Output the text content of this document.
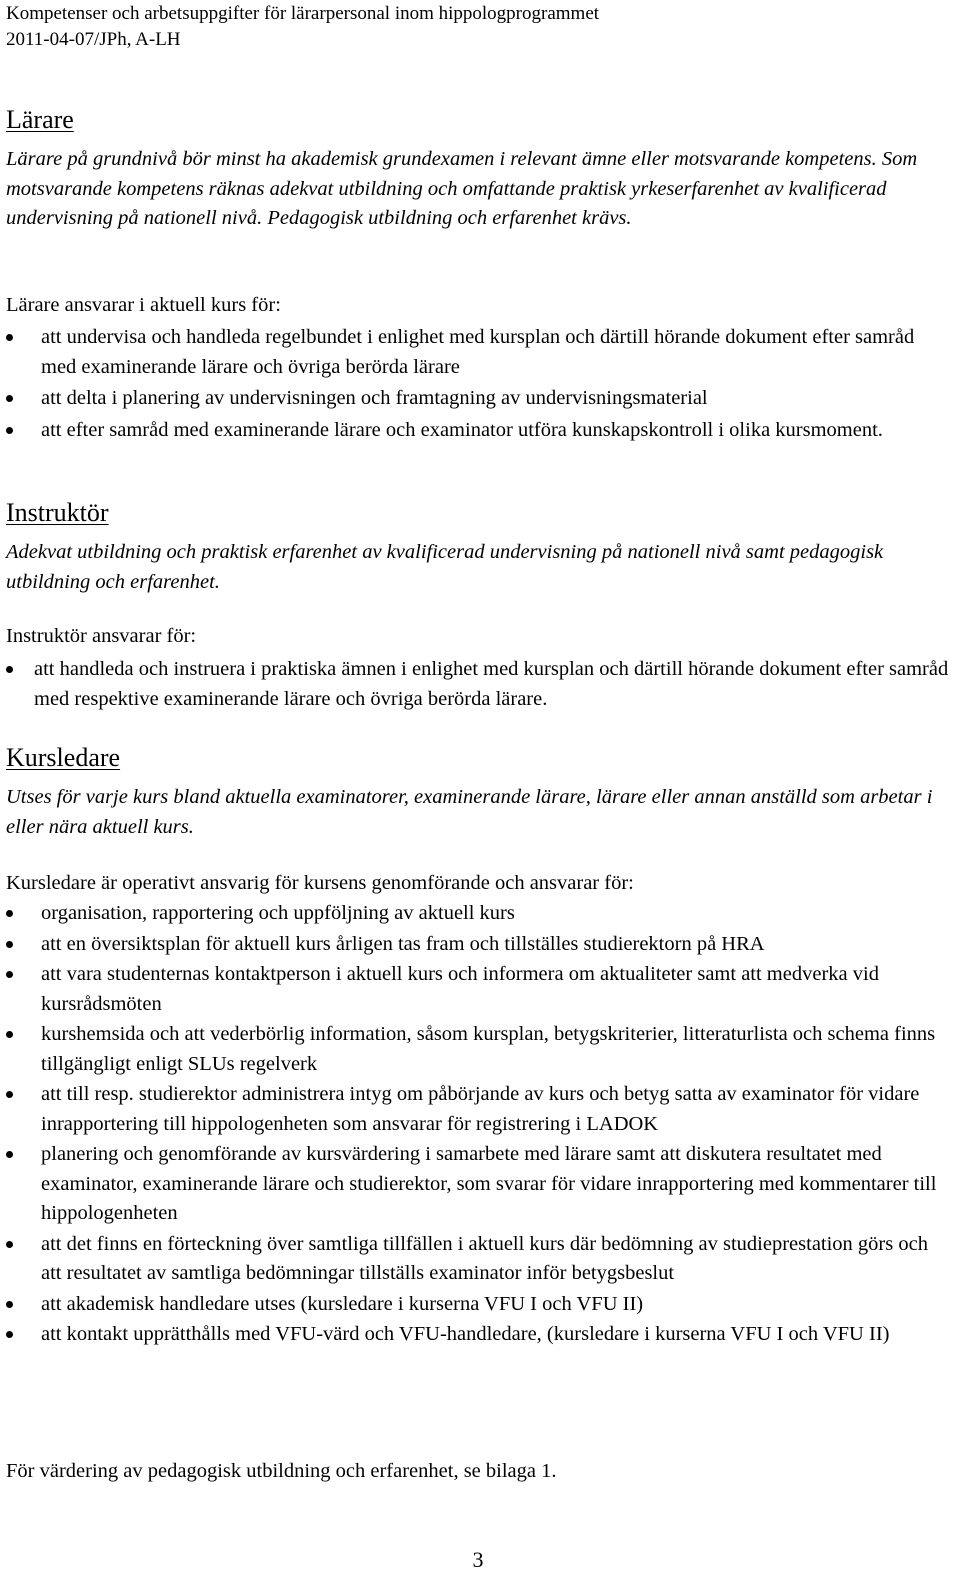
Kompetenser och arbetsuppgifter för lärarpersonal inom hippologprogrammet
2011-04-07/JPh, A-LH
Lärare
Lärare på grundnivå bör minst ha akademisk grundexamen i relevant ämne eller motsvarande kompetens. Som motsvarande kompetens räknas adekvat utbildning och omfattande praktisk yrkeserfarenhet av kvalificerad undervisning på nationell nivå. Pedagogisk utbildning och erfarenhet krävs.
Lärare ansvarar i aktuell kurs för:
att undervisa och handleda regelbundet i enlighet med kursplan och därtill hörande dokument efter samråd med examinerande lärare och övriga berörda lärare
att delta i planering av undervisningen och framtagning av undervisningsmaterial
att efter samråd med examinerande lärare och examinator utföra kunskapskontroll i olika kursmoment.
Instruktör
Adekvat utbildning och praktisk erfarenhet av kvalificerad undervisning på nationell nivå samt pedagogisk utbildning och erfarenhet.
Instruktör ansvarar för:
att handleda och instruera i praktiska ämnen i enlighet med kursplan och därtill hörande dokument efter samråd med respektive examinerande lärare och övriga berörda lärare.
Kursledare
Utses för varje kurs bland aktuella examinatorer, examinerande lärare, lärare eller annan anställd som arbetar i eller nära aktuell kurs.
Kursledare är operativt ansvarig för kursens genomförande och ansvarar för:
organisation, rapportering och uppföljning av aktuell kurs
att en översiktsplan för aktuell kurs årligen tas fram och tillställes studierektorn på HRA
att vara studenternas kontaktperson i aktuell kurs och informera om aktualiteter samt att medverka vid kursrådsmöten
kurshemsida och att vederbörlig information, såsom kursplan, betygskriterier, litteraturlista och schema finns tillgängligt enligt SLUs regelverk
att till resp. studierektor administrera intyg om påbörjande av kurs och betyg satta av examinator för vidare inrapportering till hippologenheten som ansvarar för registrering i LADOK
planering och genomförande av kursvärdering i samarbete med lärare samt att diskutera resultatet med examinator, examinerande lärare och studierektor, som svarar för vidare inrapportering med kommentarer till hippologenheten
att det finns en förteckning över samtliga tillfällen i aktuell kurs där bedömning av studieprestation görs och att resultatet av samtliga bedömningar tillställs examinator inför betygsbeslut
att akademisk handledare utses (kursledare i kurserna VFU I och VFU II)
att kontakt upprätthålls med VFU-värd och VFU-handledare, (kursledare i kurserna VFU I och VFU II)
För värdering av pedagogisk utbildning och erfarenhet, se bilaga 1.
3
